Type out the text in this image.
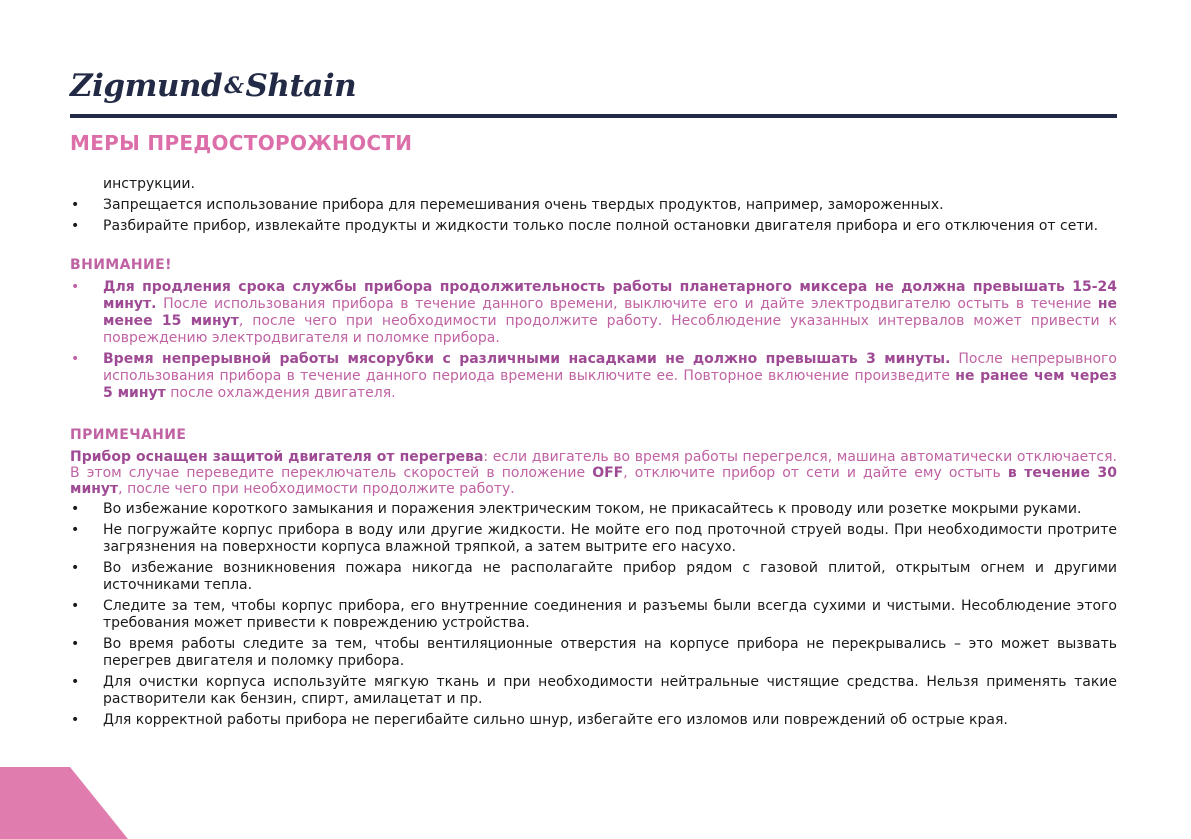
Zigmund&Shtain
МЕРЫ ПРЕДОСТОРОЖНОСТИ

инструкции.

• Запрещается использование прибора для перемешивания очень твердых продуктов, например, замороженных.
• Разбирайте прибор, извлекайте продукты и жидкости только после полной остановки двигателя прибора и его отключения от сети.
ВНИМАНИЕ!
• Для продления срока службы прибора продолжительность работы планетарного миксера не должна превышать 15-24 минут. После использования прибора в течение данного времени, выключите его и дайте электродвигателю остыть в течение не менее 15 минут, после чего при необходимости продолжите работу. Несоблюдение указанных интервалов может привести к повреждению электродвигателя и поломке прибора.
• Время непрерывной работы мясорубки с различными насадками не должно превышать 3 минуты. После непрерывного использования прибора в течение данного периода времени выключите ее. Повторное включение произведите не ранее чем через 5 минут после охлаждения двигателя.
ПРИМЕЧАНИЕ

Прибор оснащен защитой двигателя от перегрева: если двигатель во время работы перегрелся, машина автоматически отключается. В этом случае переведите переключатель скоростей в положение OFF, отключите прибор от сети и дайте ему остыть в течение 30 минут, после чего при необходимости продолжите работу.

• Во избежание короткого замыкания и поражения электрическим током, не прикасайтесь к проводу или розетке мокрыми руками.
• Не погружайте корпус прибора в воду или другие жидкости. Не мойте его под проточной струей воды. При необходимости протрите загрязнения на поверхности корпуса влажной тряпкой, а затем вытрите его насухо.
• Во избежание возникновения пожара никогда не располагайте прибор рядом с газовой плитой, открытым огнем и другими источниками тепла.
• Следите за тем, чтобы корпус прибора, его внутренние соединения и разъемы были всегда сухими и чистыми. Несоблюдение этого требования может привести к повреждению устройства.
• Во время работы следите за тем, чтобы вентиляционные отверстия на корпусе прибора не перекрывались – это может вызвать перегрев двигателя и поломку прибора.
• Для очистки корпуса используйте мягкую ткань и при необходимости нейтральные чистящие средства. Нельзя применять такие растворители как бензин, спирт, амилацетат и пр.
• Для корректной работы прибора не перегибайте сильно шнур, избегайте его изломов или повреждений об острые края.
